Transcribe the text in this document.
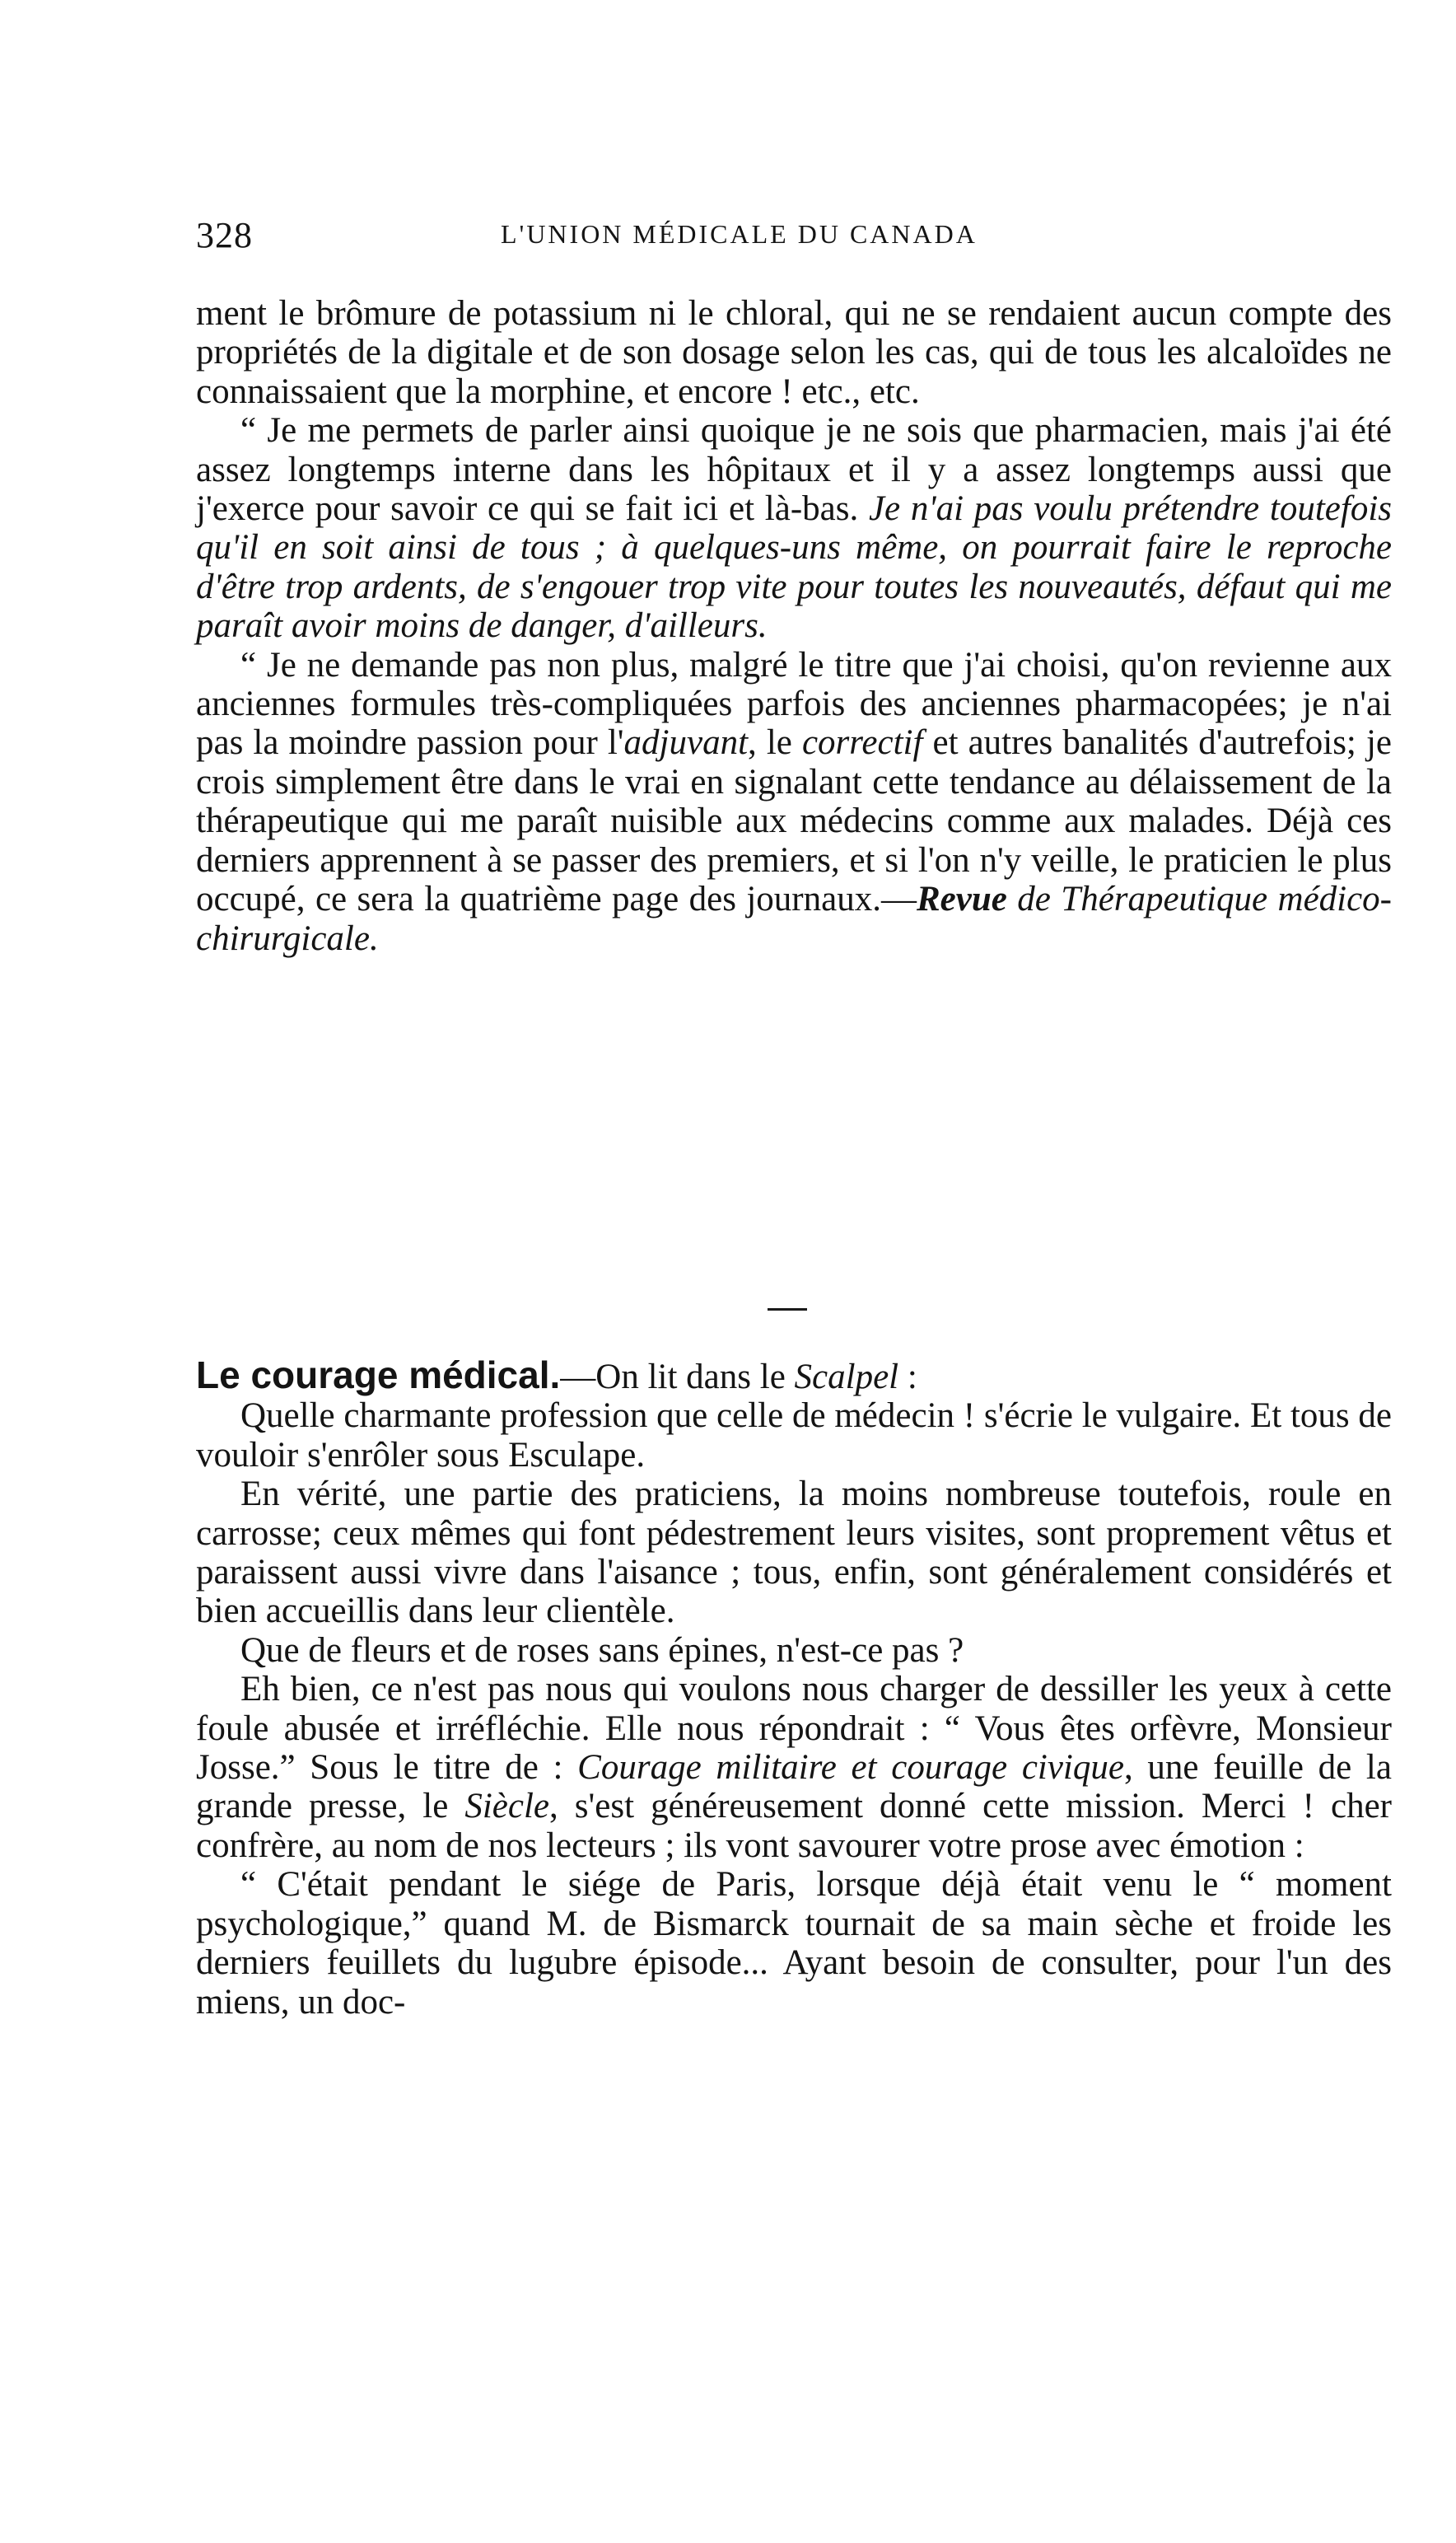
328	L'UNION MÉDICALE DU CANADA

ment le brômure de potassium ni le chloral, qui ne se rendaient aucun compte des propriétés de la digitale et de son dosage selon les cas, qui de tous les alcaloïdes ne connaissaient que la morphine, et encore ! etc., etc.

“ Je me permets de parler ainsi quoique je ne sois que pharmacien, mais j'ai été assez longtemps interne dans les hôpitaux et il y a assez longtemps aussi que j'exerce pour savoir ce qui se fait ici et là-bas. Je n'ai pas voulu prétendre toutefois qu'il en soit ainsi de tous ; à quelques-uns même, on pourrait faire le reproche d'être trop ardents, de s'engouer trop vite pour toutes les nouveautés, défaut qui me paraît avoir moins de danger, d'ailleurs.

“ Je ne demande pas non plus, malgré le titre que j'ai choisi, qu'on revienne aux anciennes formules très-compliquées parfois des anciennes pharmacopées; je n'ai pas la moindre passion pour l'adjuvant, le correctif et autres banalités d'autrefois; je crois simplement être dans le vrai en signalant cette tendance au délaissement de la thérapeutique qui me paraît nuisible aux médecins comme aux malades. Déjà ces derniers apprennent à se passer des premiers, et si l'on n'y veille, le praticien le plus occupé, ce sera la quatrième page des journaux.—Revue de Thérapeutique médico-chirurgicale.

Le courage médical.—On lit dans le Scalpel :

Quelle charmante profession que celle de médecin ! s'écrie le vulgaire. Et tous de vouloir s'enrôler sous Esculape.

En vérité, une partie des praticiens, la moins nombreuse toutefois, roule en carrosse; ceux mêmes qui font pédestrement leurs visites, sont proprement vêtus et paraissent aussi vivre dans l'aisance ; tous, enfin, sont généralement considérés et bien accueillis dans leur clientèle.

Que de fleurs et de roses sans épines, n'est-ce pas ?

Eh bien, ce n'est pas nous qui voulons nous charger de dessiller les yeux à cette foule abusée et irréfléchie. Elle nous répondrait : “ Vous êtes orfèvre, Monsieur Josse.” Sous le titre de : Courage militaire et courage civique, une feuille de la grande presse, le Siècle, s'est généreusement donné cette mission. Merci ! cher confrère, au nom de nos lecteurs ; ils vont savourer votre prose avec émotion :

“ C'était pendant le siége de Paris, lorsque déjà était venu le “ moment psychologique,” quand M. de Bismarck tournait de sa main sèche et froide les derniers feuillets du lugubre épisode... Ayant besoin de consulter, pour l'un des miens, un doc-
